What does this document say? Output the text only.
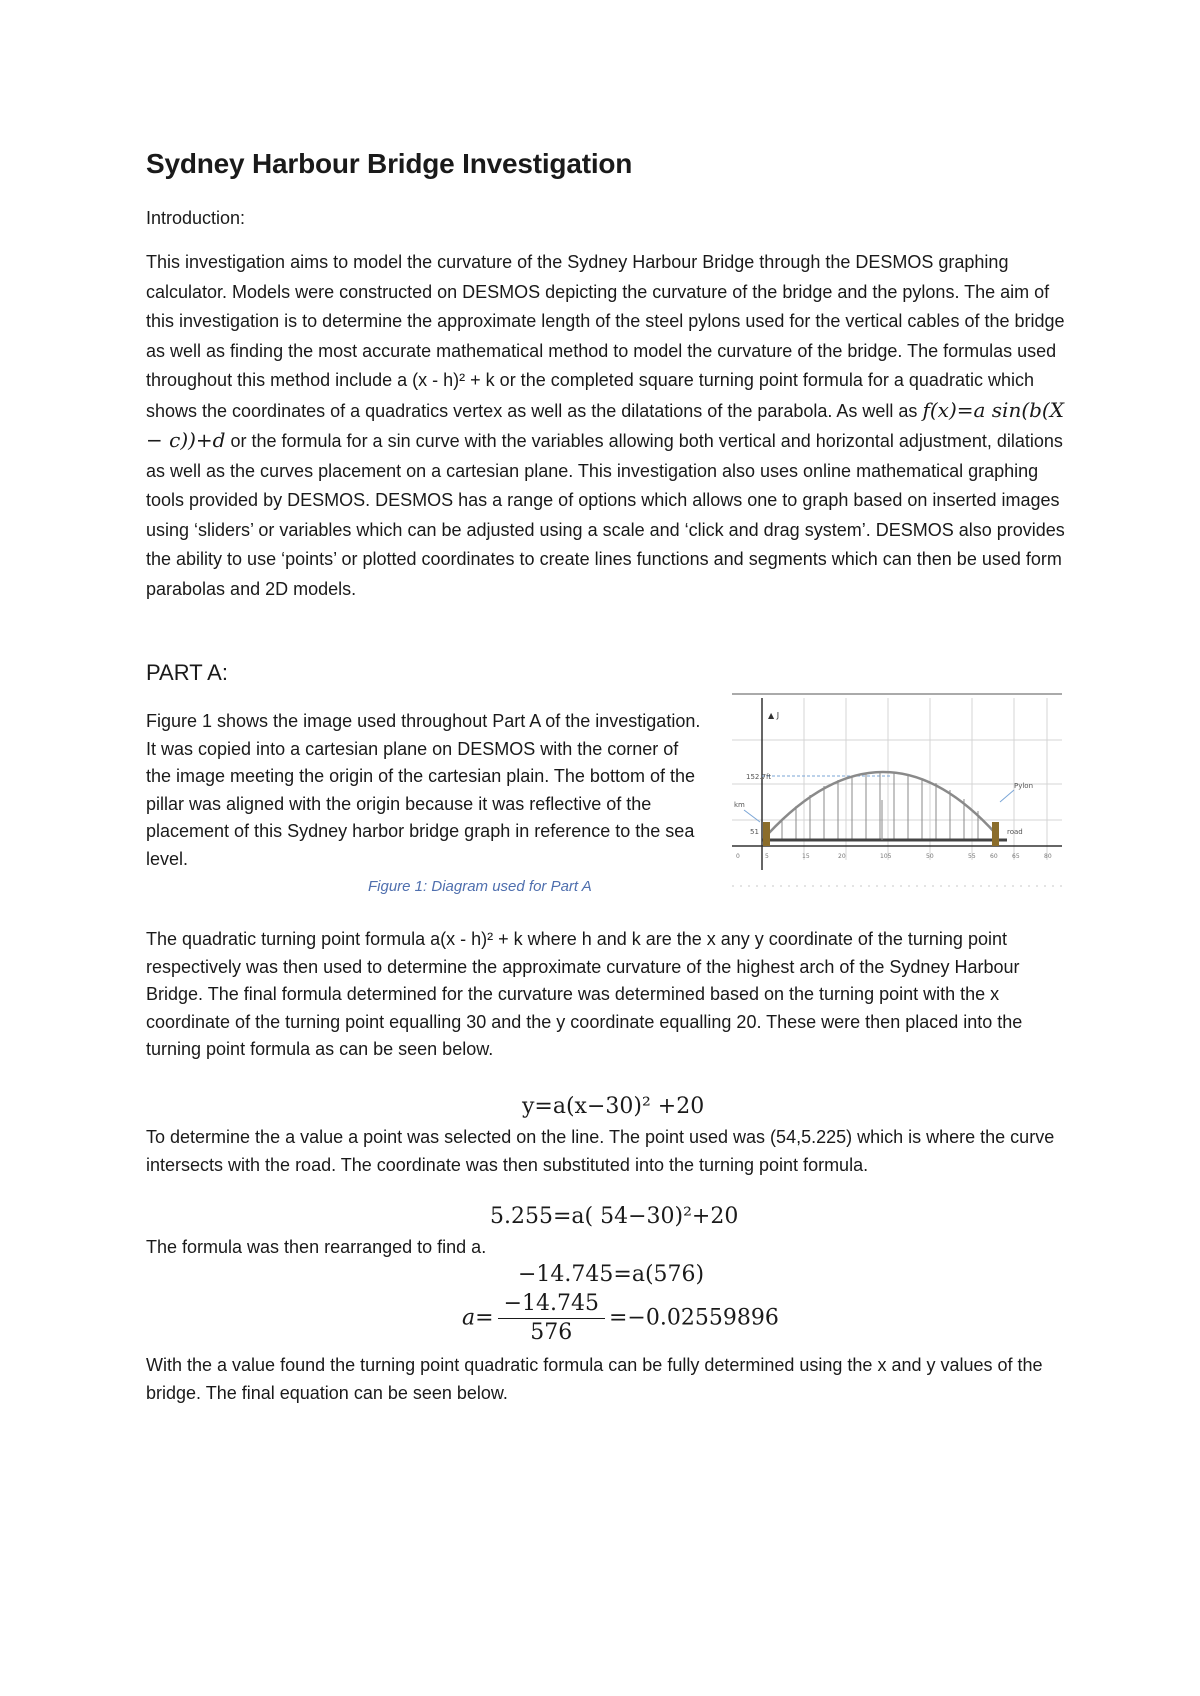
Sydney Harbour Bridge Investigation

Introduction:

This investigation aims to model the curvature of the Sydney Harbour Bridge through the DESMOS graphing calculator. Models were constructed on DESMOS depicting the curvature of the bridge and the pylons. The aim of this investigation is to determine the approximate length of the steel pylons used for the vertical cables of the bridge as well as finding the most accurate mathematical method to model the curvature of the bridge. The formulas used throughout this method include a (x - h)² + k or the completed square turning point formula for a quadratic which shows the coordinates of a quadratics vertex as well as the dilatations of the parabola. As well as f(x)=a sin(b(X − c))+d or the formula for a sin curve with the variables allowing both vertical and horizontal adjustment, dilations as well as the curves placement on a cartesian plane. This investigation also uses online mathematical graphing tools provided by DESMOS. DESMOS has a range of options which allows one to graph based on inserted images using ‘sliders’ or variables which can be adjusted using a scale and ‘click and drag system’. DESMOS also provides the ability to use ‘points’ or plotted coordinates to create lines functions and segments which can then be used form parabolas and 2D models.

PART A:

Figure 1 shows the image used throughout Part A of the investigation. It was copied into a cartesian plane on DESMOS with the corner of the image meeting the origin of the cartesian plain. The bottom of the pillar was aligned with the origin because it was reflective of the placement of this Sydney harbor bridge graph in reference to the sea level.

▲ J
152.7ft
km
Pylon
road
51
0	5	15	20	105	50	55 60 65	80

Figure 1: Diagram used for Part A

The quadratic turning point formula a(x - h)² + k where h and k are the x any y coordinate of the turning point respectively was then used to determine the approximate curvature of the highest arch of the Sydney Harbour Bridge. The final formula determined for the curvature was determined based on the turning point with the x coordinate of the turning point equalling 30 and the y coordinate equalling 20. These were then placed into the turning point formula as can be seen below.

y=a(x−30)² +20

To determine the a value a point was selected on the line. The point used was (54,5.225) which is where the curve intersects with the road. The coordinate was then substituted into the turning point formula.

5.255=a( 54−30)²+20

The formula was then rearranged to find a.

−14.745=a(576)
$a= \frac{-14.745}{576} =-0.02559896$

With the a value found the turning point quadratic formula can be fully determined using the x and y values of the bridge. The final equation can be seen below.
